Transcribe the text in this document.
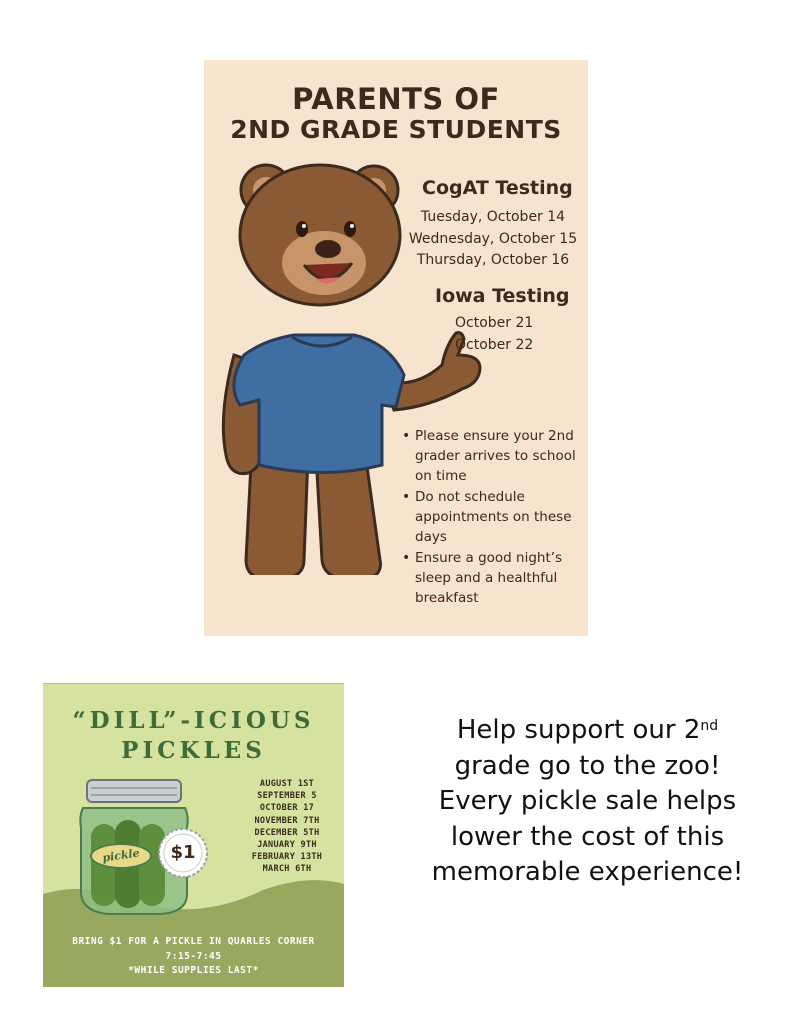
PARENTS OF
2ND GRADE STUDENTS
CogAT Testing
Tuesday, October 14
Wednesday, October 15
Thursday, October 16
Iowa Testing
October 21
October 22
• Please ensure your 2nd grader arrives to school on time
• Do not schedule appointments on these days
• Ensure a good night’s sleep and a healthful breakfast
“DILL”-ICIOUS
PICKLES
pickle	$1
AUGUST 1ST
SEPTEMBER 5
OCTOBER 17
NOVEMBER 7TH
DECEMBER 5TH
JANUARY 9TH
FEBRUARY 13TH
MARCH 6TH
BRING $1 FOR A PICKLE IN QUARLES CORNER
7:15-7:45
*WHILE SUPPLIES LAST*
Help support our 2nd
grade go to the zoo!
Every pickle sale helps
lower the cost of this
memorable experience!
